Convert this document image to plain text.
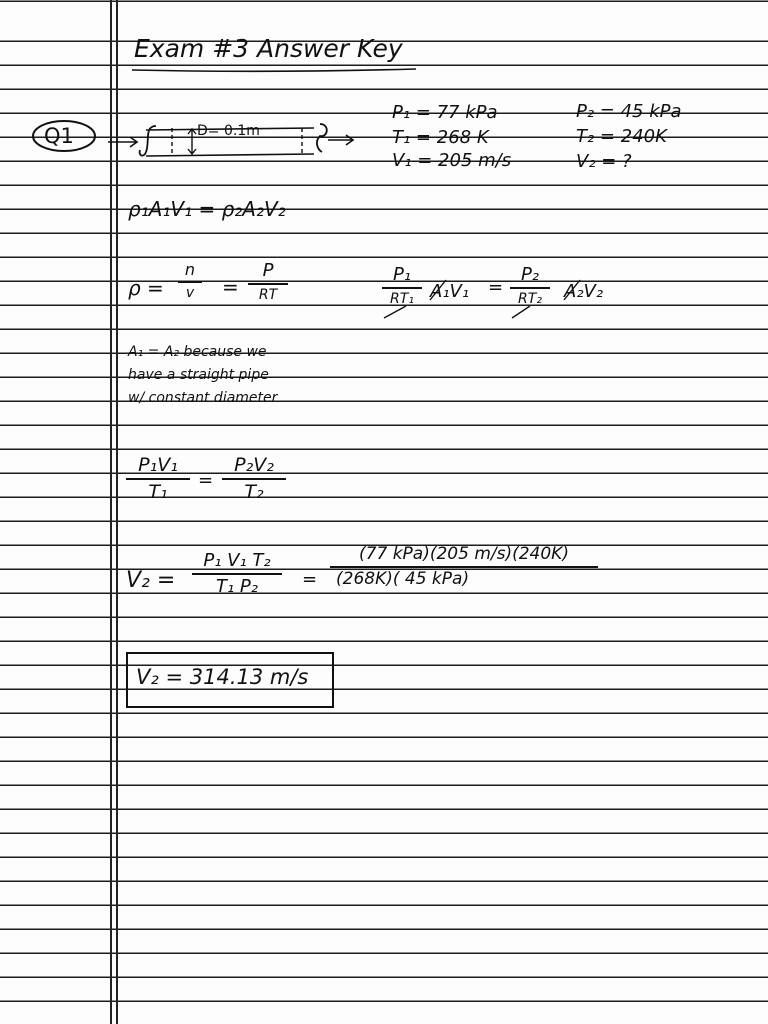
Exam #3 Answer Key
Q1	D= 0.1m
P₁ = 77 kPa
T₁ = 268 K
V₁ = 205 m/s
P₂ = 45 kPa
T₂ = 240K
V₂ = ?
ρ₁A₁V₁ = ρ₂A₂V₂
ρ =
n
v	=
P
RT
P₁
RT₁ A₁V₁ =
P₂
RT₂	A₂V₂
A₁ = A₂ because we
have a straight pipe
w/ constant diameter
P₁V₁
T₁	=
P₂V₂
T₂
V₂ =
P₁ V₁ T₂
T₁ P₂	=
(77 kPa)(205 m/s)(240K)
(268K)( 45 kPa)
V₂ = 314.13 m/s
